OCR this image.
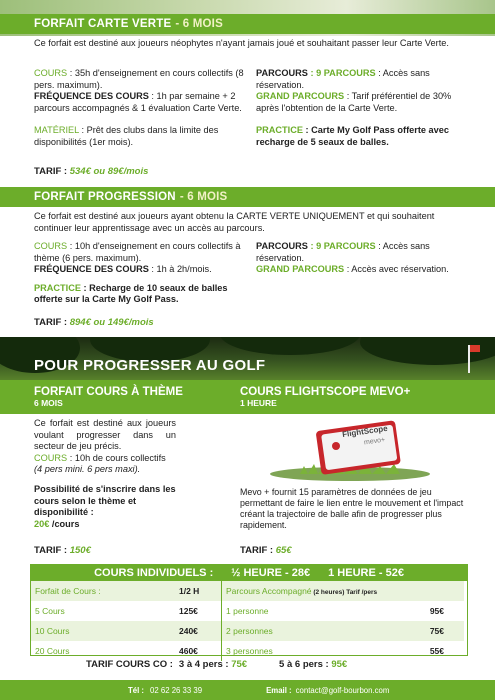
FORFAIT CARTE VERTE - 6 MOIS

Ce forfait est destiné aux joueurs néophytes n'ayant jamais joué et souhaitant passer leur Carte Verte.

COURS : 35h d'enseignement en cours collectifs (8 pers. maximum).

FRÉQUENCE DES COURS : 1h par semaine + 2 parcours accompagnés & 1 évaluation Carte Verte.

MATÉRIEL : Prêt des clubs dans la limite des disponibilités (1er mois).

PARCOURS : 9 PARCOURS : Accès sans réservation.

GRAND PARCOURS : Tarif préférentiel de 30% après l'obtention de la Carte Verte.

PRACTICE : Carte My Golf Pass offerte avec recharge de 5 seaux de balles.

TARIF : 534€ ou 89€/mois
FORFAIT PROGRESSION - 6 MOIS

Ce forfait est destiné aux joueurs ayant obtenu la CARTE VERTE UNIQUEMENT et qui souhaitent continuer leur apprentissage avec un accès au parcours.

COURS : 10h d'enseignement en cours collectifs à thème (6 pers. maximum).

FRÉQUENCE DES COURS : 1h à 2h/mois.

PRACTICE : Recharge de 10 seaux de balles offerte sur la Carte My Golf Pass.

PARCOURS : 9 PARCOURS : Accès sans réservation.

GRAND PARCOURS : Accès avec réservation.

TARIF : 894€ ou 149€/mois
POUR PROGRESSER AU GOLF
FORFAIT COURS À THÈME
6 MOIS
COURS FLIGHTSCOPE MEVO+
1 HEURE

Ce forfait est destiné aux joueurs voulant progresser dans un secteur de jeu précis.

COURS : 10h de cours collectifs

(4 pers mini. 6 pers maxi).

Possibilité de s'inscrire dans les cours selon le thème et disponibilité :

20€ /cours

TARIF : 150€
FlightScope
mevo+

Mevo + fournit 15 paramètres de données de jeu permettant de faire le lien entre le mouvement et l'impact créant la trajectoire de balle afin de progresser plus rapidement.

TARIF : 65€
COURS INDIVIDUELS : ½ HEURE - 28€ 1 HEURE - 52€
Forfait de Cours :	1/2 H
5 Cours	125€
10 Cours	240€
20 Cours	460€
Parcours Accompagné (2 heures) Tarif /pers	
1 personne	95€
2 personnes	75€
3 personnes	55€
TARIF COURS CO : 3 à 4 pers : 75€	5 à 6 pers : 95€
Tél : 02 62 26 33 39	Email : contact@golf-bourbon.com
